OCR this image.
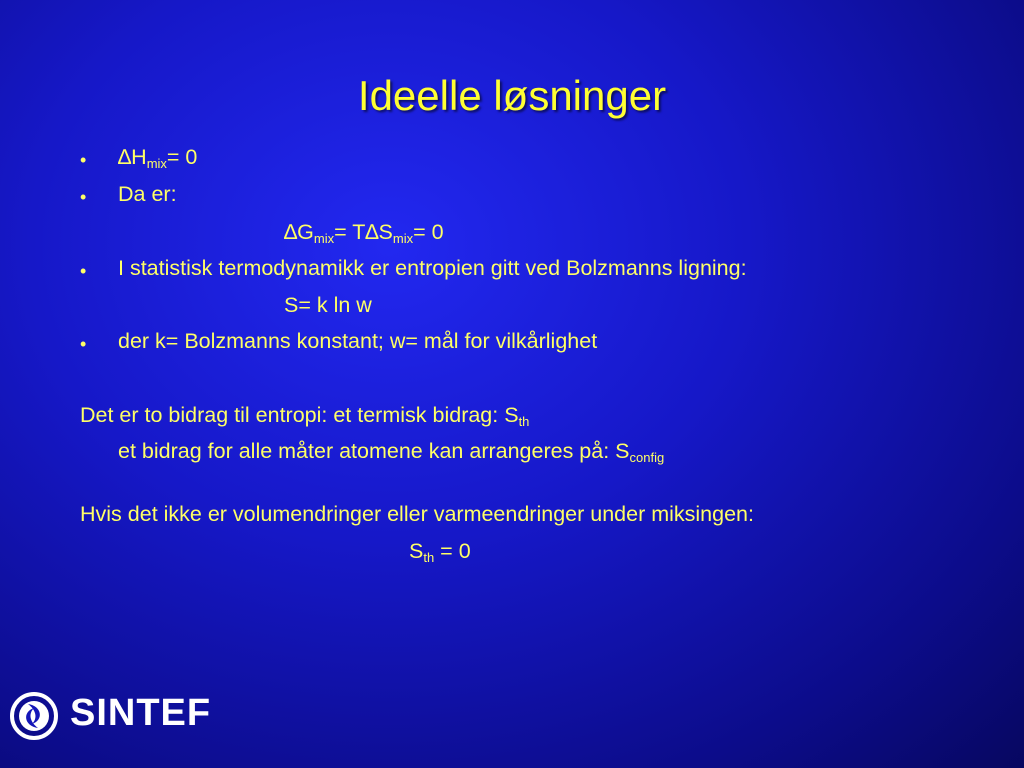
Ideelle løsninger
• $\Delta H_{mix}= 0$
• Da er:
$\Delta G_{mix}= T\Delta S_{mix}= 0$
• I statistisk termodynamikk er entropien gitt ved Bolzmanns ligning:
S= k ln w
• der k= Bolzmanns konstant; w= mål for vilkårlighet
Det er to bidrag til entropi: et termisk bidrag: $S_{th}$
et bidrag for alle måter atomene kan arrangeres på: $S_{config}$
Hvis det ikke er volumendringer eller varmeendringer under miksingen:
$S_{th} = 0$
SINTEF
